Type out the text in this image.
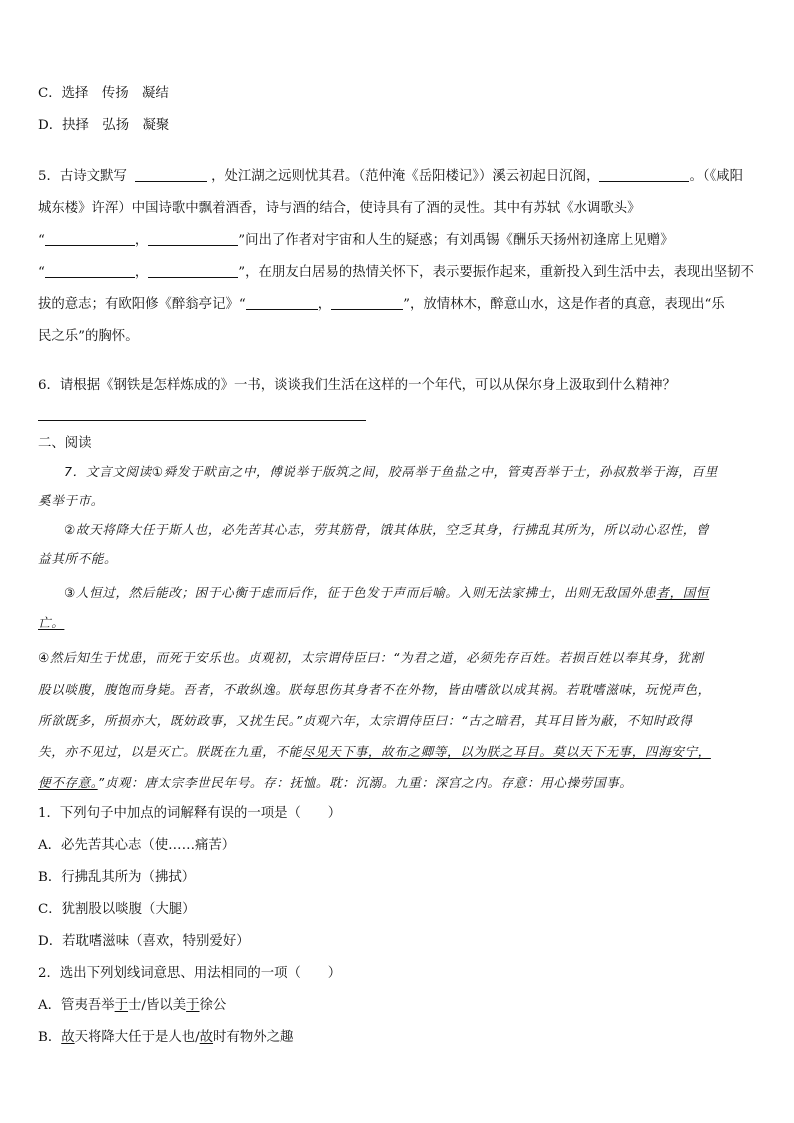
C．选择　传扬　凝结
D．抉择　弘扬　凝聚
5．古诗文默写	，处江湖之远则忧其君。（范仲淹《岳阳楼记》）溪云初起日沉阁，	。（《咸阳
城东楼》许浑）中国诗歌中飘着酒香，诗与酒的结合，使诗具有了酒的灵性。其中有苏轼《水调歌头》
“	，	”问出了作者对宇宙和人生的疑惑；有刘禹锡《酬乐天扬州初逢席上见赠》
“	，	”，在朋友白居易的热情关怀下，表示要振作起来，重新投入到生活中去，表现出坚韧不
拔的意志；有欧阳修《醉翁亭记》“	，	”，放情林木，醉意山水，这是作者的真意，表现出“乐
民之乐”的胸怀。
6．请根据《钢铁是怎样炼成的》一书，谈谈我们生活在这样的一个年代，可以从保尔身上汲取到什么精神？
二、阅读
7．文言文阅读①舜发于畎亩之中，傅说举于版筑之间，胶鬲举于鱼盐之中，管夷吾举于士，孙叔敖举于海，百里
奚举于市。
②故天将降大任于斯人也，必先苦其心志，劳其筋骨，饿其体肤，空乏其身，行拂乱其所为，所以动心忍性，曾
益其所不能。
③人恒过，然后能改；困于心衡于虑而后作，征于色发于声而后喻。入则无法家拂士，出则无敌国外患者，国恒
亡。
④然后知生于忧患，而死于安乐也。贞观初，太宗谓侍臣曰：“为君之道，必须先存百姓。若损百姓以奉其身，犹割
股以啖腹，腹饱而身毙。吾者，不敢纵逸。朕每思伤其身者不在外物，皆由嗜欲以成其祸。若耽嗜滋味，玩悦声色，
所欲既多，所损亦大，既妨政事，又扰生民。”贞观六年，太宗谓侍臣曰：“古之暗君，其耳目皆为蔽，不知时政得
失，亦不见过，以是灭亡。朕既在九重，不能尽见天下事，故布之卿等，以为朕之耳目。莫以天下无事，四海安宁，
便不存意。”贞观：唐太宗李世民年号。存：抚恤。耽：沉溺。九重：深宫之内。存意：用心操劳国事。
1．下列句子中加点的词解释有误的一项是（　　）
A．必先苦其心志（使……痛苦）
B．行拂乱其所为（拂拭）
C．犹割股以啖腹（大腿）
D．若耽嗜滋味（喜欢，特别爱好）
2．选出下列划线词意思、用法相同的一项（　　）
A．管夷吾举于士/皆以美于徐公
B．故天将降大任于是人也/故时有物外之趣
